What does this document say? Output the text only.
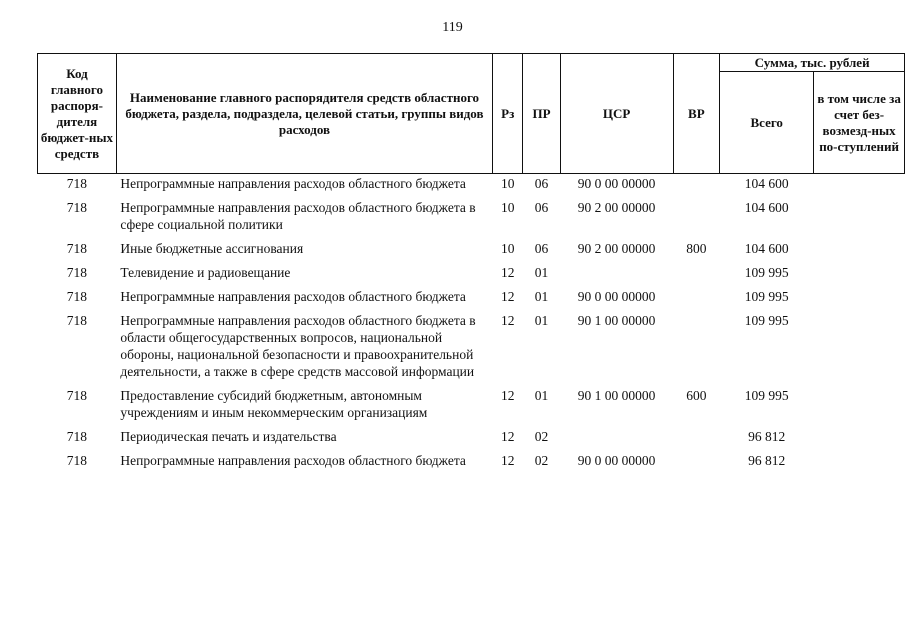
119
Код главного распоря-дителя бюджет-ных средств	Наименование главного распорядителя средств областного бюджета, раздела, подраздела, целевой статьи, группы видов расходов	Рз	ПР	ЦСР	ВР	Сумма, тыс. рублей	
						Всего	в том числе за счет без-возмезд-ных по-ступлений
718	Непрограммные направления расходов областного бюджета	10	06	90 0 00 00000		104 600	
718	Непрограммные направления расходов областного бюджета в сфере социальной политики	10	06	90 2 00 00000		104 600	
718	Иные бюджетные ассигнования	10	06	90 2 00 00000	800	104 600	
718	Телевидение и радиовещание	12	01			109 995	
718	Непрограммные направления расходов областного бюджета	12	01	90 0 00 00000		109 995	
718	Непрограммные направления расходов областного бюджета в области общегосударственных вопросов, национальной обороны, национальной безопасности и правоохранительной деятельности, а также в сфере средств массовой информации	12	01	90 1 00 00000		109 995	
718	Предоставление субсидий бюджетным, автономным учреждениям и иным некоммерческим организациям	12	01	90 1 00 00000	600	109 995	
718	Периодическая печать и издательства	12	02			96 812	
718	Непрограммные направления расходов областного бюджета	12	02	90 0 00 00000		96 812	
